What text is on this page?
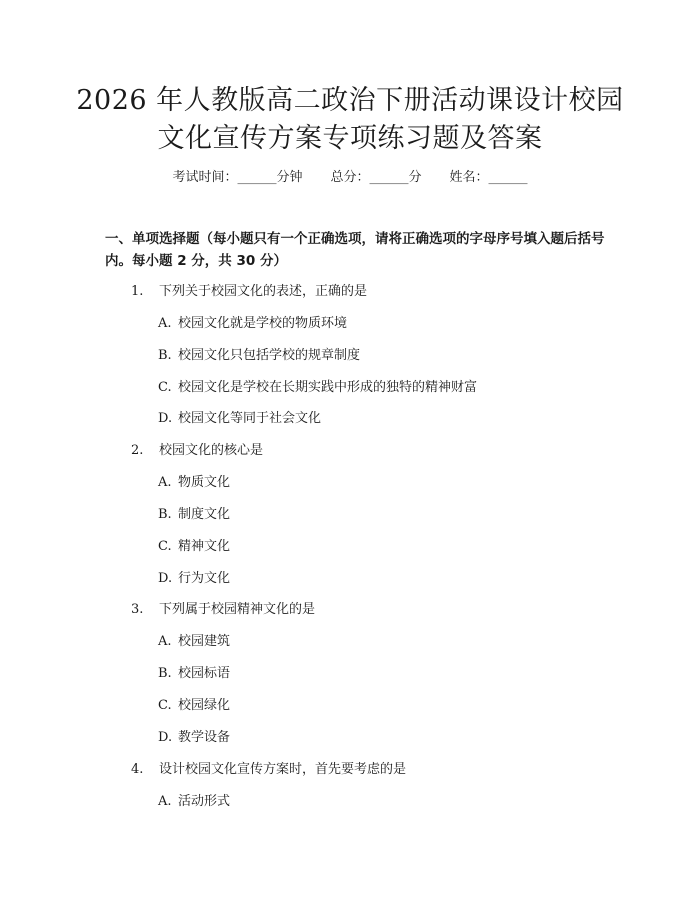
2026 年人教版高二政治下册活动课设计校园
文化宣传方案专项练习题及答案
考试时间：______分钟 总分：______分 姓名：______
一、单项选择题（每小题只有一个正确选项，请将正确选项的字母序号填入题后括号内。每小题 2 分，共 30 分）
1. 下列关于校园文化的表述，正确的是
A. 校园文化就是学校的物质环境
B. 校园文化只包括学校的规章制度
C. 校园文化是学校在长期实践中形成的独特的精神财富
D. 校园文化等同于社会文化
2. 校园文化的核心是
A. 物质文化
B. 制度文化
C. 精神文化
D. 行为文化
3. 下列属于校园精神文化的是
A. 校园建筑
B. 校园标语
C. 校园绿化
D. 教学设备
4. 设计校园文化宣传方案时，首先要考虑的是
A. 活动形式
